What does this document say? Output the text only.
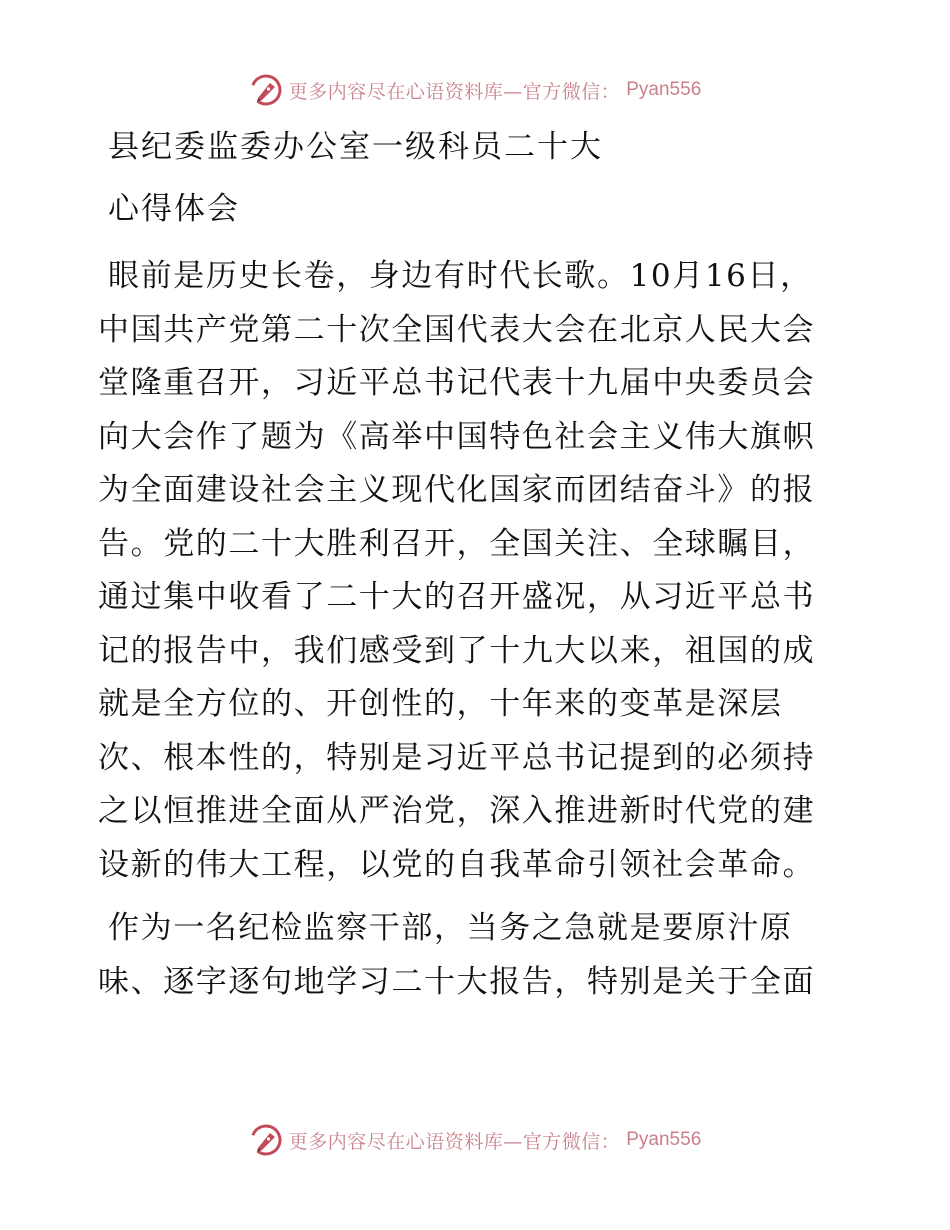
更多内容尽在心语资料库—官方微信： Pyan556
县纪委监委办公室一级科员二十大
心得体会

眼前是历史长卷，身边有时代长歌。10月16日，

中国共产党第二十次全国代表大会在北京人民大会

堂隆重召开，习近平总书记代表十九届中央委员会

向大会作了题为《高举中国特色社会主义伟大旗帜

为全面建设社会主义现代化国家而团结奋斗》的报

告。党的二十大胜利召开，全国关注、全球瞩目，

通过集中收看了二十大的召开盛况，从习近平总书

记的报告中，我们感受到了十九大以来，祖国的成

就是全方位的、开创性的，十年来的变革是深层

次、根本性的，特别是习近平总书记提到的必须持

之以恒推进全面从严治党，深入推进新时代党的建

设新的伟大工程，以党的自我革命引领社会革命。

作为一名纪检监察干部，当务之急就是要原汁原

味、逐字逐句地学习二十大报告，特别是关于全面

更多内容尽在心语资料库—官方微信： Pyan556
